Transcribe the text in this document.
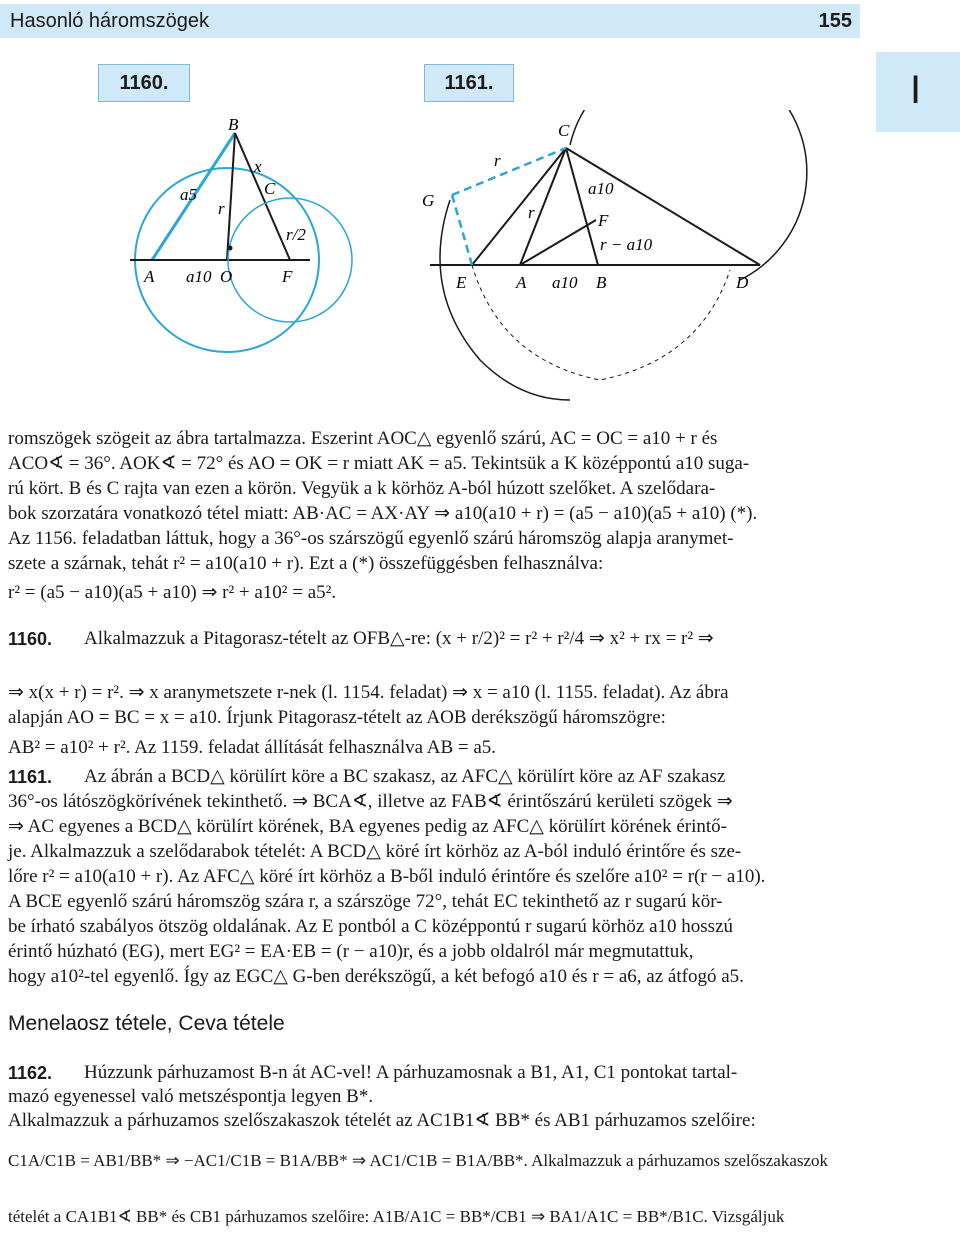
Hasonló háromszögek	155
I
1160.	1161.
B
a5
x
C
r
r/2
A a10 O	F
C
r
a10
G
r	F
r − a10
E	A a10 B	D
romszögek szögeit az ábra tartalmazza. Eszerint AOC△ egyenlő szárú, AC = OC = a10 + r és
ACO∢ = 36°. AOK∢ = 72° és AO = OK = r miatt AK = a5. Tekintsük a K középpontú a10 suga-
rú kört. B és C rajta van ezen a körön. Vegyük a k körhöz A-ból húzott szelőket. A szelődara-
bok szorzatára vonatkozó tétel miatt: AB·AC = AX·AY ⇒ a10(a10 + r) = (a5 − a10)(a5 + a10) (*).
Az 1156. feladatban láttuk, hogy a 36°-os szárszögű egyenlő szárú háromszög alapja aranymet-
szete a szárnak, tehát r² = a10(a10 + r). Ezt a (*) összefüggésben felhasználva:
r² = (a5 − a10)(a5 + a10) ⇒ r² + a10² = a5².
1160.	Alkalmazzuk a Pitagorasz-tételt az OFB△-re: (x + r/2)² = r² + r²/4 ⇒ x² + rx = r² ⇒
⇒ x(x + r) = r². ⇒ x aranymetszete r-nek (l. 1154. feladat) ⇒ x = a10 (l. 1155. feladat). Az ábra
alapján AO = BC = x = a10. Írjunk Pitagorasz-tételt az AOB derékszögű háromszögre:
AB² = a10² + r². Az 1159. feladat állítását felhasználva AB = a5.
1161.	Az ábrán a BCD△ körülírt köre a BC szakasz, az AFC△ körülírt köre az AF szakasz
36°-os látószögkörívének tekinthető. ⇒ BCA∢, illetve az FAB∢ érintőszárú kerületi szögek ⇒
⇒ AC egyenes a BCD△ körülírt körének, BA egyenes pedig az AFC△ körülírt körének érintő-
je. Alkalmazzuk a szelődarabok tételét: A BCD△ köré írt körhöz az A-ból induló érintőre és sze-
lőre r² = a10(a10 + r). Az AFC△ köré írt körhöz a B-ből induló érintőre és szelőre a10² = r(r − a10).
A BCE egyenlő szárú háromszög szára r, a szárszöge 72°, tehát EC tekinthető az r sugarú kör-
be írható szabályos ötszög oldalának. Az E pontból a C középpontú r sugarú körhöz a10 hosszú
érintő húzható (EG), mert EG² = EA·EB = (r − a10)r, és a jobb oldalról már megmutattuk,
hogy a10²-tel egyenlő. Így az EGC△ G-ben derékszögű, a két befogó a10 és r = a6, az átfogó a5.
Menelaosz tétele, Ceva tétele
1162.	Húzzunk párhuzamost B-n át AC-vel! A párhuzamosnak a B1, A1, C1 pontokat tartal-
mazó egyenessel való metszéspontja legyen B*.
Alkalmazzuk a párhuzamos szelőszakaszok tételét az AC1B1∢ BB* és AB1 párhuzamos szelőire:
C1A/C1B = AB1/BB* ⇒ −AC1/C1B = B1A/BB* ⇒ AC1/C1B = B1A/BB*. Alkalmazzuk a párhuzamos szelőszakaszok
tételét a CA1B1∢ BB* és CB1 párhuzamos szelőire: A1B/A1C = BB*/CB1 ⇒ BA1/A1C = BB*/B1C. Vizsgáljuk
